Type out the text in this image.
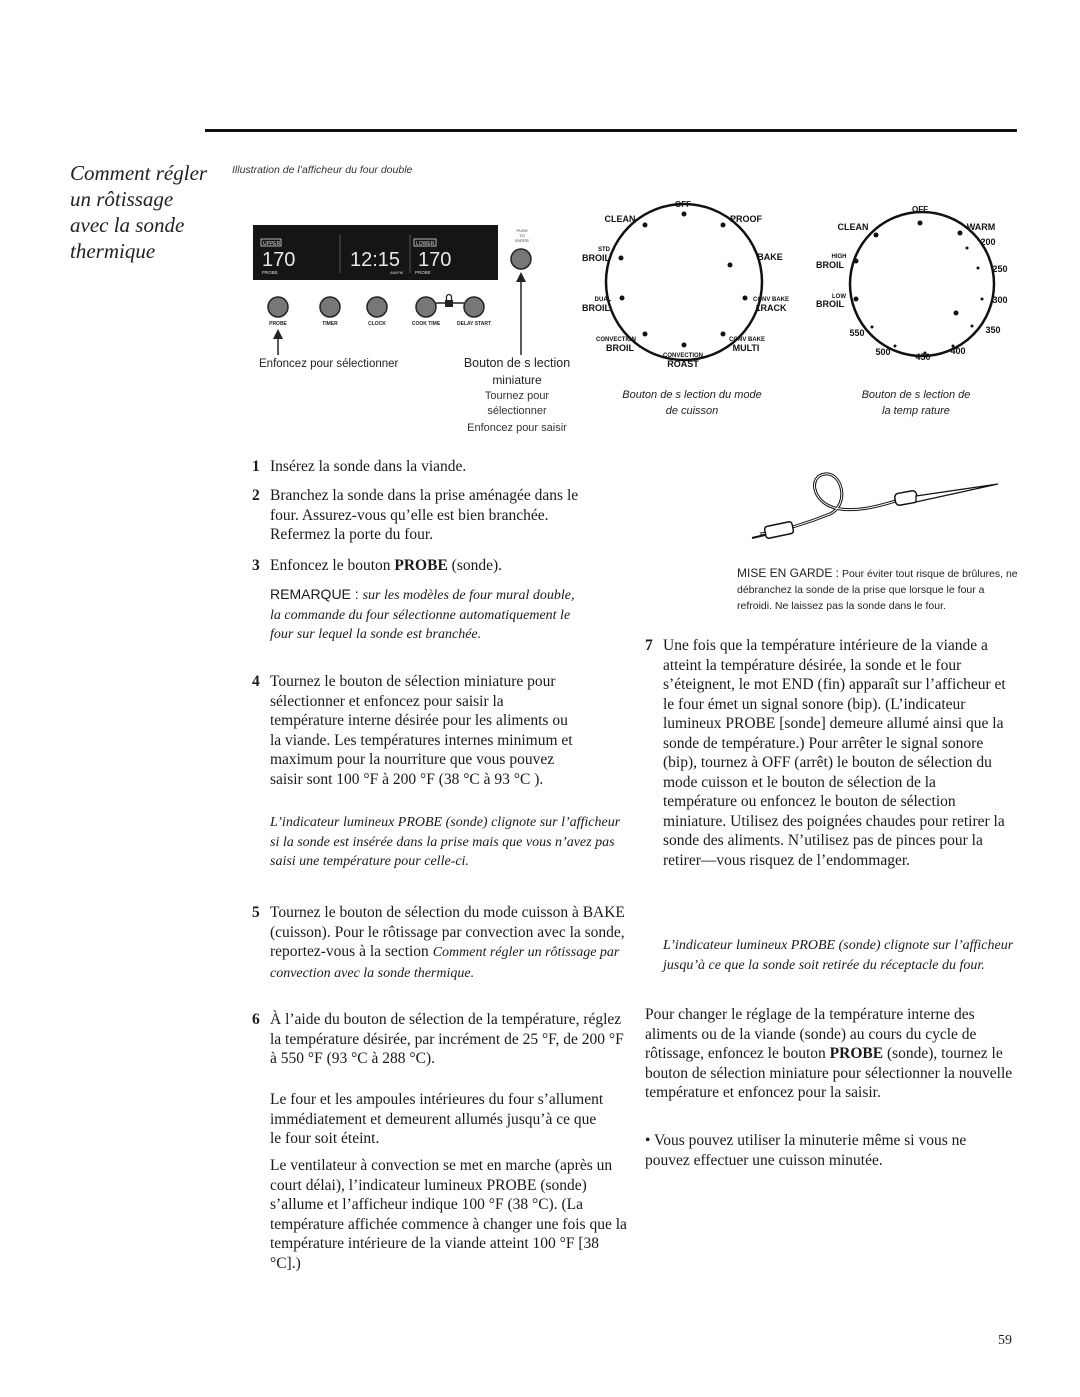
Comment régler un rôtissage avec la sonde thermique
Illustration de l’afficheur du four double
UPPER
170
PROBE
12:15
AM/PM
LOWER
170
PROBE
PUSH
TO
ENTER
PROBE	TIMER	CLOCK	COOK TIME	DELAY START
Enfoncez pour sélectionner	Bouton de s lection
miniature
Tournez pour
sélectionner
Enfoncez pour saisir
OFF
CLEAN	PROOF
STD
BROIL	BAKE
DUAL
BROIL
CONV BAKE
1RACK
CONVECTION
BROIL
CONVECTION
ROAST
CONV BAKE
MULTI
Bouton de s lection du mode
de cuisson
OFF
CLEAN	WARM
HIGH
BROIL
LOW
BROIL
200
250
300
350
400
450
500
550
Bouton de s lection de
la temp rature
MISE EN GARDE : Pour éviter tout risque de brûlures, ne débranchez la sonde de la prise que lorsque le four a refroidi. Ne laissez pas la sonde dans le four.
1 Insérez la sonde dans la viande.
2 Branchez la sonde dans la prise aménagée dans le four. Assurez-vous qu’elle est bien branchée. Refermez la porte du four.
3 Enfoncez le bouton PROBE (sonde).
REMARQUE : sur les modèles de four mural double, la commande du four sélectionne automatiquement le four sur lequel la sonde est branchée.
4 Tournez le bouton de sélection miniature pour sélectionner et enfoncez pour saisir la température interne désirée pour les aliments ou la viande. Les températures internes minimum et maximum pour la nourriture que vous pouvez saisir sont 100 °F à 200 °F (38 °C à 93 °C ).
L’indicateur lumineux PROBE (sonde) clignote sur l’afficheur si la sonde est insérée dans la prise mais que vous n’avez pas saisi une température pour celle-ci.
5 Tournez le bouton de sélection du mode cuisson à BAKE (cuisson). Pour le rôtissage par convection avec la sonde, reportez-vous à la section Comment régler un rôtissage par convection avec la sonde thermique.
6 À l’aide du bouton de sélection de la température, réglez la température désirée, par incrément de 25 °F, de 200 °F à 550 °F (93 °C à 288 °C).
Le four et les ampoules intérieures du four s’allument immédiatement et demeurent allumés jusqu’à ce que le four soit éteint.
Le ventilateur à convection se met en marche (après un court délai), l’indicateur lumineux PROBE (sonde) s’allume et l’afficheur indique 100 °F (38 °C). (La température affichée commence à changer une fois que la température intérieure de la viande atteint 100 °F [38 °C].)
7 Une fois que la température intérieure de la viande a atteint la température désirée, la sonde et le four s’éteignent, le mot END (fin) apparaît sur l’afficheur et le four émet un signal sonore (bip). (L’indicateur lumineux PROBE [sonde] demeure allumé ainsi que la sonde de température.) Pour arrêter le signal sonore (bip), tournez à OFF (arrêt) le bouton de sélection du mode cuisson et le bouton de sélection de la température ou enfoncez le bouton de sélection miniature. Utilisez des poignées chaudes pour retirer la sonde des aliments. N’utilisez pas de pinces pour la retirer—vous risquez de l’endommager.
L’indicateur lumineux PROBE (sonde) clignote sur l’afficheur jusqu’à ce que la sonde soit retirée du réceptacle du four.
Pour changer le réglage de la température interne des aliments ou de la viande (sonde) au cours du cycle de rôtissage, enfoncez le bouton PROBE (sonde), tournez le bouton de sélection miniature pour sélectionner la nouvelle température et enfoncez pour la saisir.
• Vous pouvez utiliser la minuterie même si vous ne pouvez effectuer une cuisson minutée.
59
